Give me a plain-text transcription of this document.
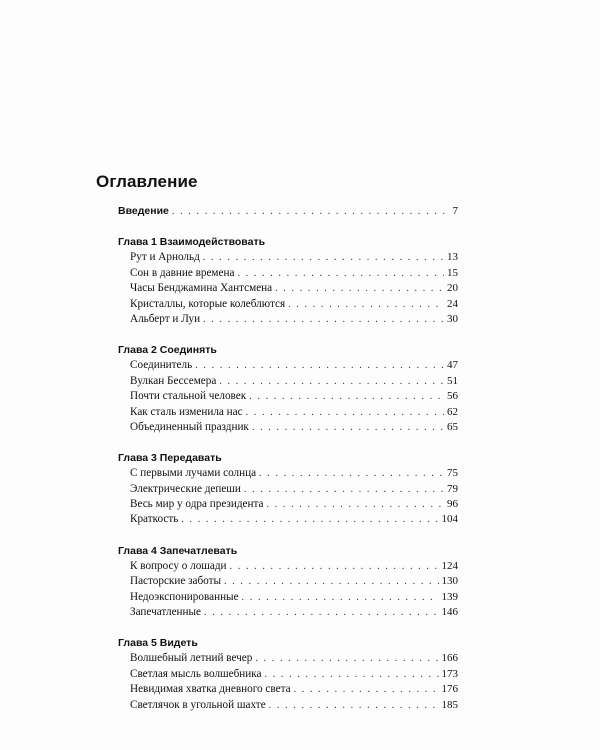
Оглавление
Введение . . .	7
Глава 1 Взаимодействовать
Рут и Арнольд . . .	13
Сон в давние времена . . .	15
Часы Бенджамина Хантсмена . . .	20
Кристаллы, которые колеблются . . .	24
Альберт и Луи . . .	30
Глава 2 Соединять
Соединитель . . .	47
Вулкан Бессемера . . .	51
Почти стальной человек . . .	56
Как сталь изменила нас . . .	62
Объединенный праздник . . .	65
Глава 3 Передавать
С первыми лучами солнца . . .	75
Электрические депеши . . .	79
Весь мир у одра президента . . .	96
Краткость . . .	104
Глава 4 Запечатлевать
К вопросу о лошади . . .	124
Пасторские заботы . . .	130
Недоэкспонированные . . .	139
Запечатленные . . .	146
Глава 5 Видеть
Волшебный летний вечер . . .	166
Светлая мысль волшебника . . .	173
Невидимая хватка дневного света . . .	176
Светлячок в угольной шахте . . .	185
